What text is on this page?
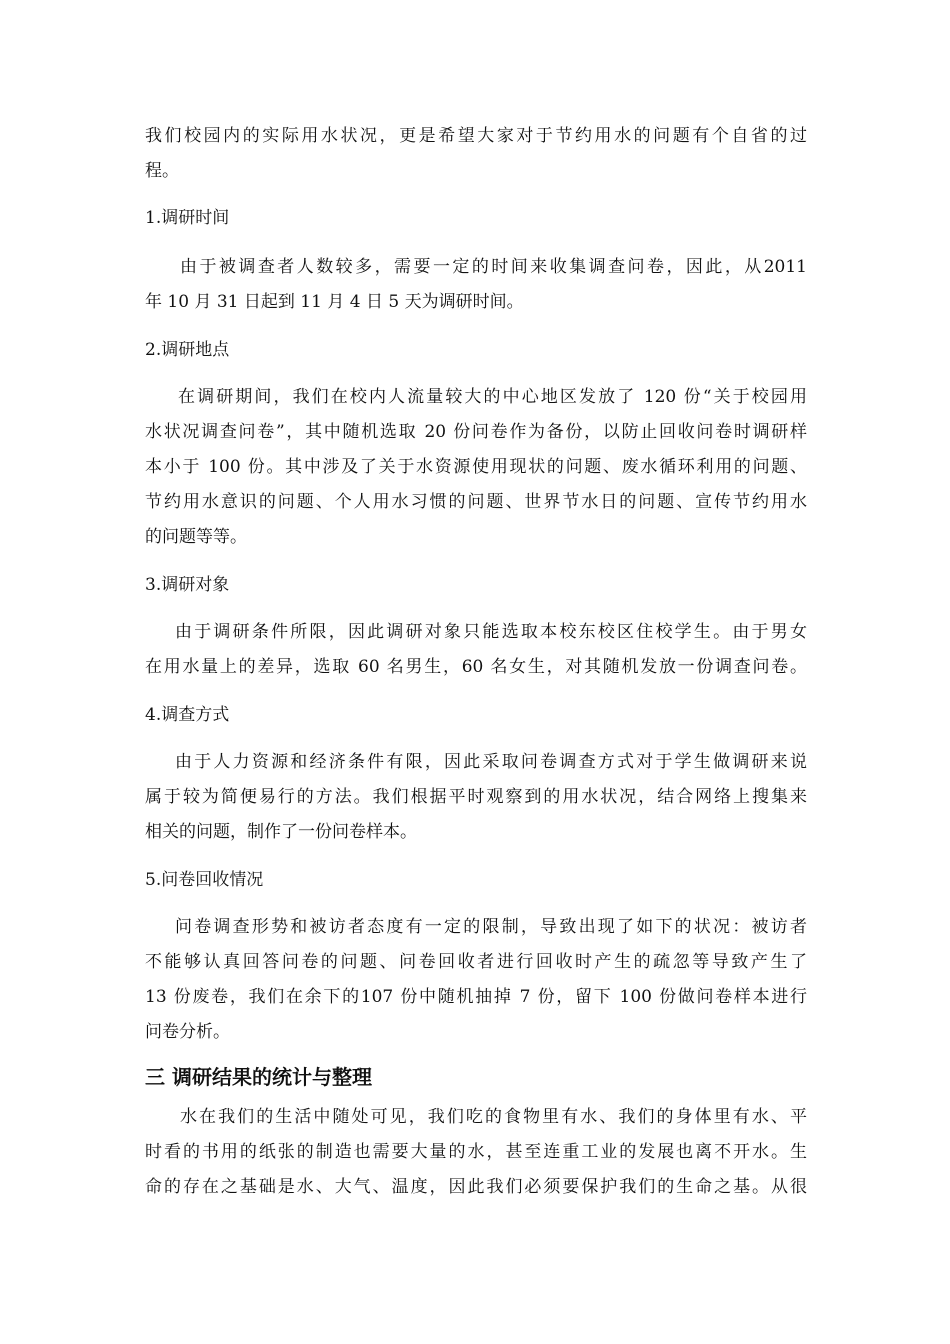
我们校园内的实际用水状况，更是希望大家对于节约用水的问题有个自省的过
程。
1.调研时间
由于被调查者人数较多，需要一定的时间来收集调查问卷，因此，从2011
年 10 月 31 日起到 11 月 4 日 5 天为调研时间。
2.调研地点
在调研期间，我们在校内人流量较大的中心地区发放了 120 份“关于校园用
水状况调查问卷”，其中随机选取 20 份问卷作为备份，以防止回收问卷时调研样
本小于 100 份。其中涉及了关于水资源使用现状的问题、废水循环利用的问题、
节约用水意识的问题、个人用水习惯的问题、世界节水日的问题、宣传节约用水
的问题等等。
3.调研对象
由于调研条件所限，因此调研对象只能选取本校东校区住校学生。由于男女
在用水量上的差异，选取 60 名男生，60 名女生，对其随机发放一份调查问卷。
4.调查方式
由于人力资源和经济条件有限，因此采取问卷调查方式对于学生做调研来说
属于较为简便易行的方法。我们根据平时观察到的用水状况，结合网络上搜集来
相关的问题，制作了一份问卷样本。
5.问卷回收情况
问卷调查形势和被访者态度有一定的限制，导致出现了如下的状况：被访者
不能够认真回答问卷的问题、问卷回收者进行回收时产生的疏忽等导致产生了
13 份废卷，我们在余下的107 份中随机抽掉 7 份，留下 100 份做问卷样本进行
问卷分析。
三 调研结果的统计与整理
水在我们的生活中随处可见，我们吃的食物里有水、我们的身体里有水、平
时看的书用的纸张的制造也需要大量的水，甚至连重工业的发展也离不开水。生
命的存在之基础是水、大气、温度，因此我们必须要保护我们的生命之基。从很
